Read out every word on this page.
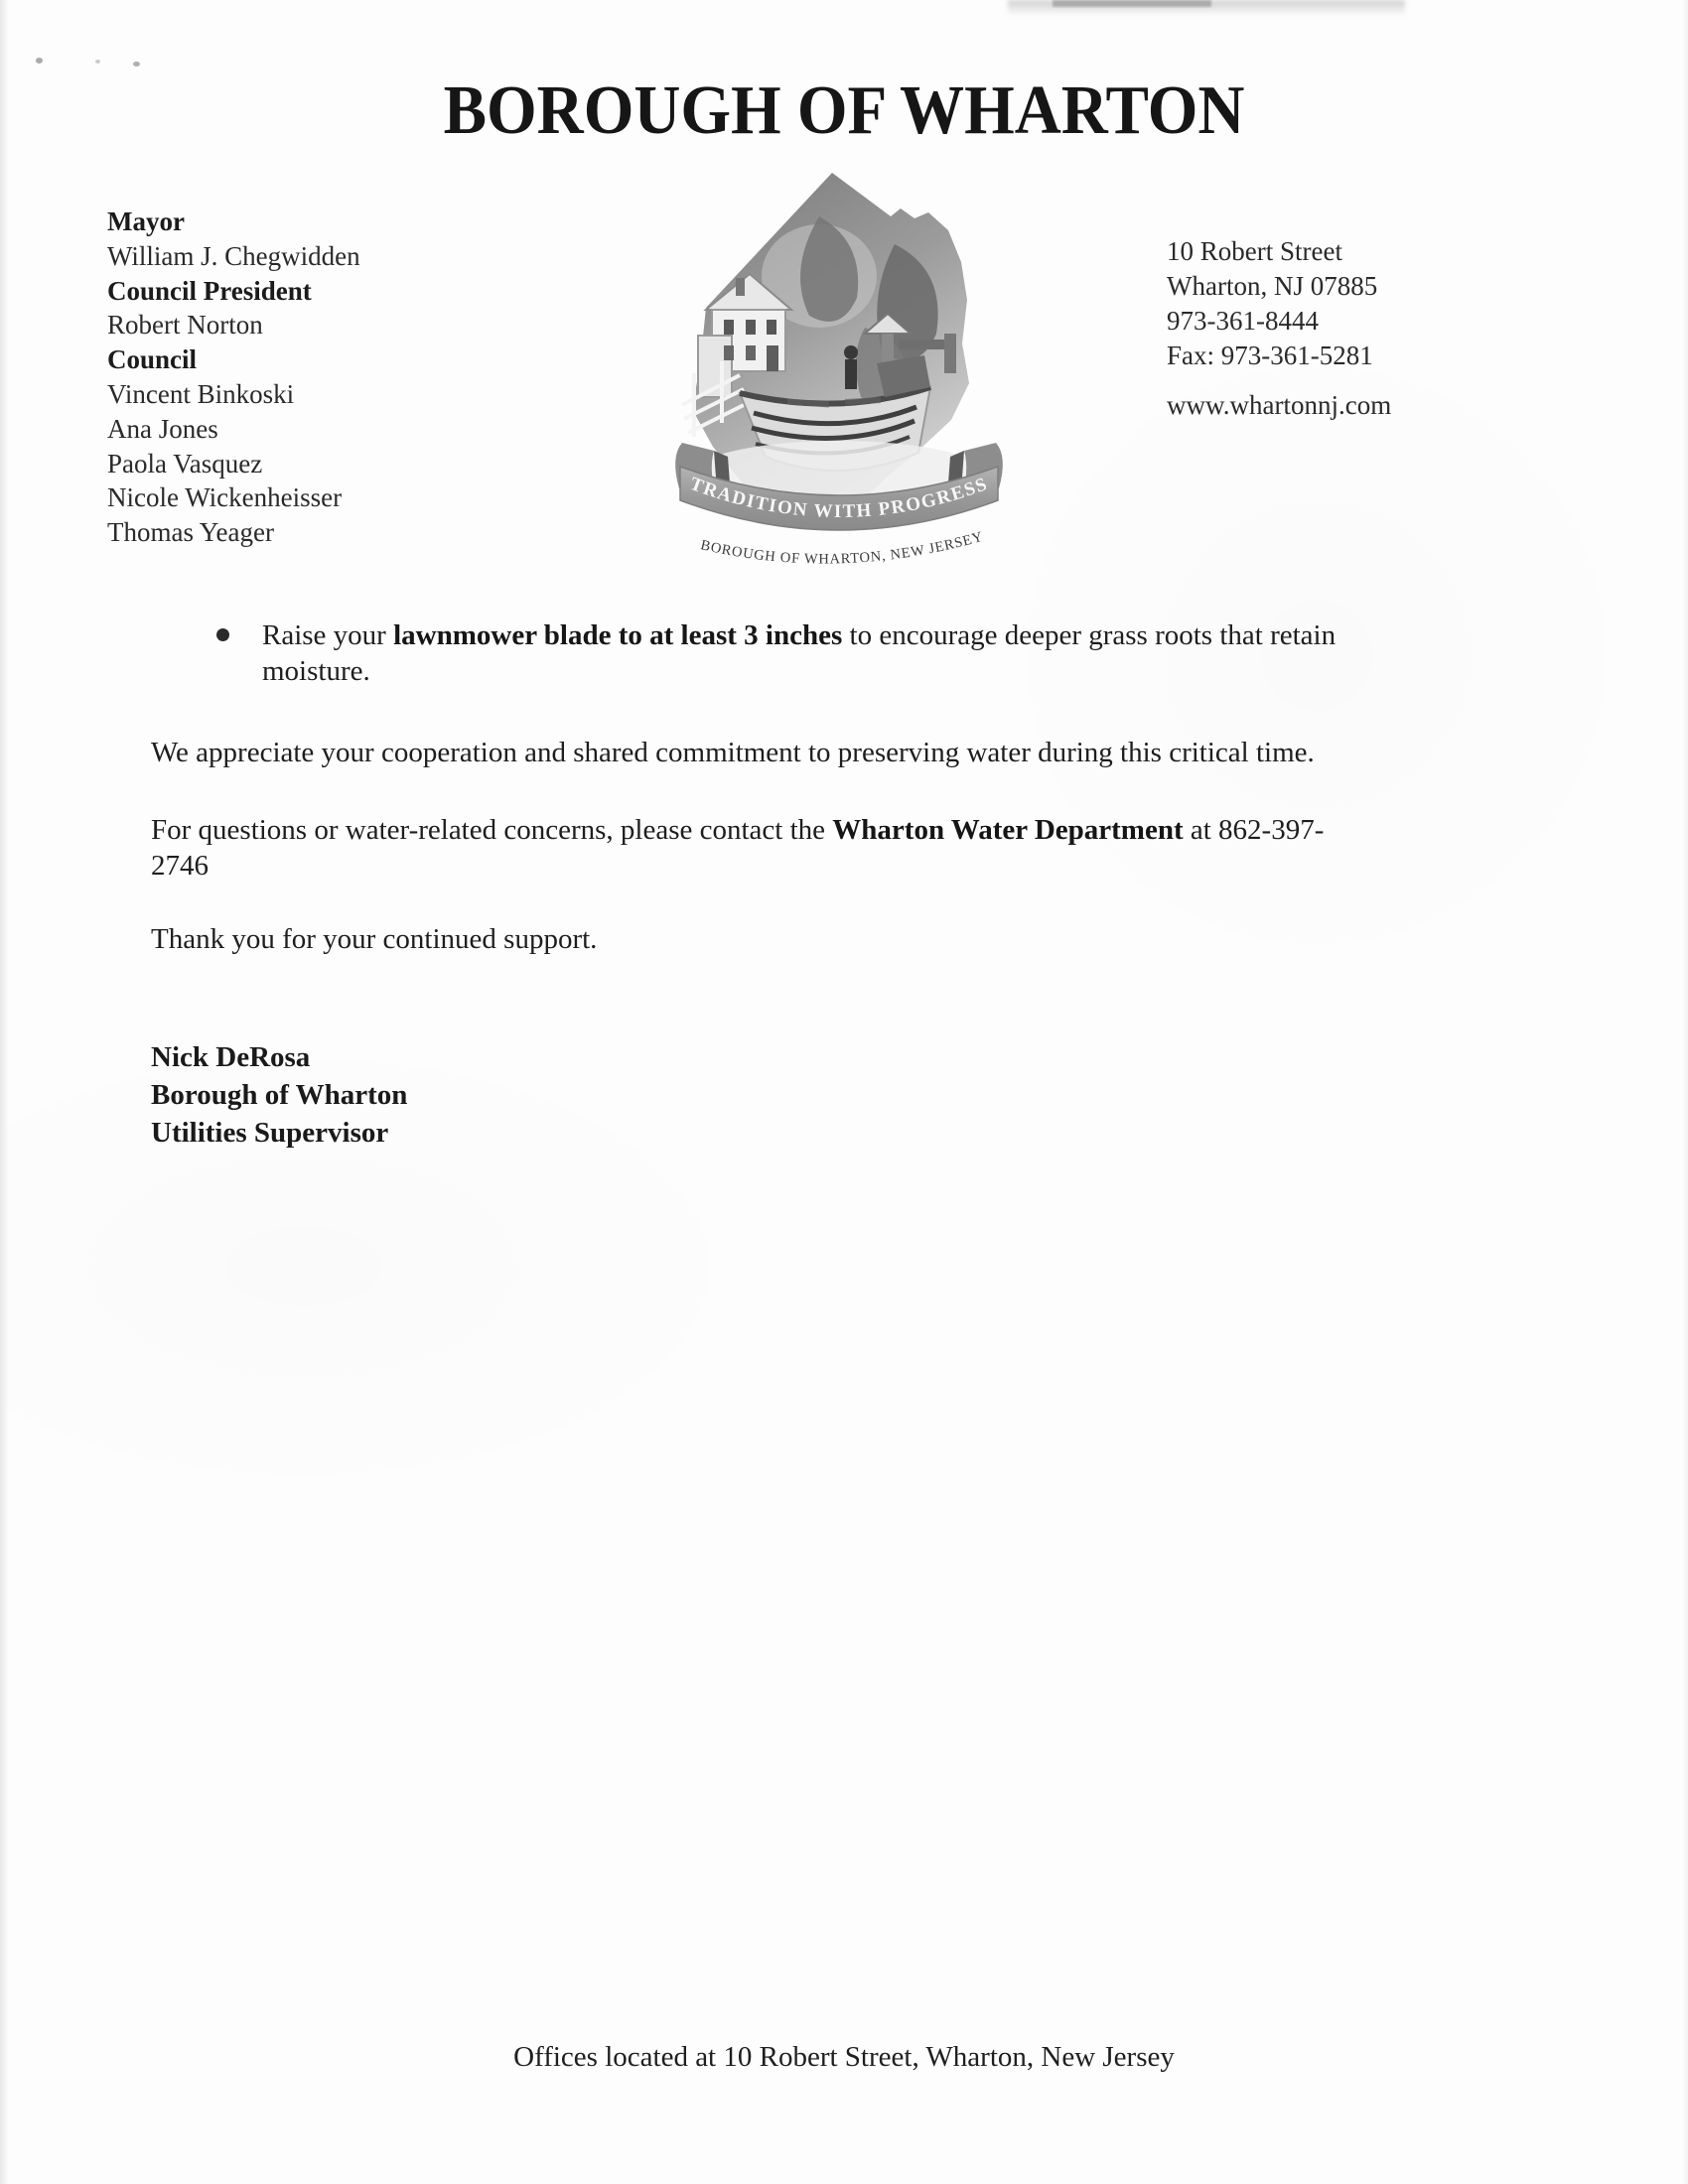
BOROUGH OF WHARTON
Mayor
William J. Chegwidden
Council President
Robert Norton
Council
Vincent Binkoski
Ana Jones
Paola Vasquez
Nicole Wickenheisser
Thomas Yeager
10 Robert Street
Wharton, NJ 07885
973-361-8444
Fax: 973-361-5281
www.whartonnj.com
TRADITION WITH PROGRESS
BOROUGH OF WHARTON, NEW JERSEY
Raise your lawnmower blade to at least 3 inches to encourage deeper grass roots that retain
moisture.
We appreciate your cooperation and shared commitment to preserving water during this critical time.
For questions or water-related concerns, please contact the Wharton Water Department at 862-397-
2746
Thank you for your continued support.
Nick DeRosa
Borough of Wharton
Utilities Supervisor
Offices located at 10 Robert Street, Wharton, New Jersey
